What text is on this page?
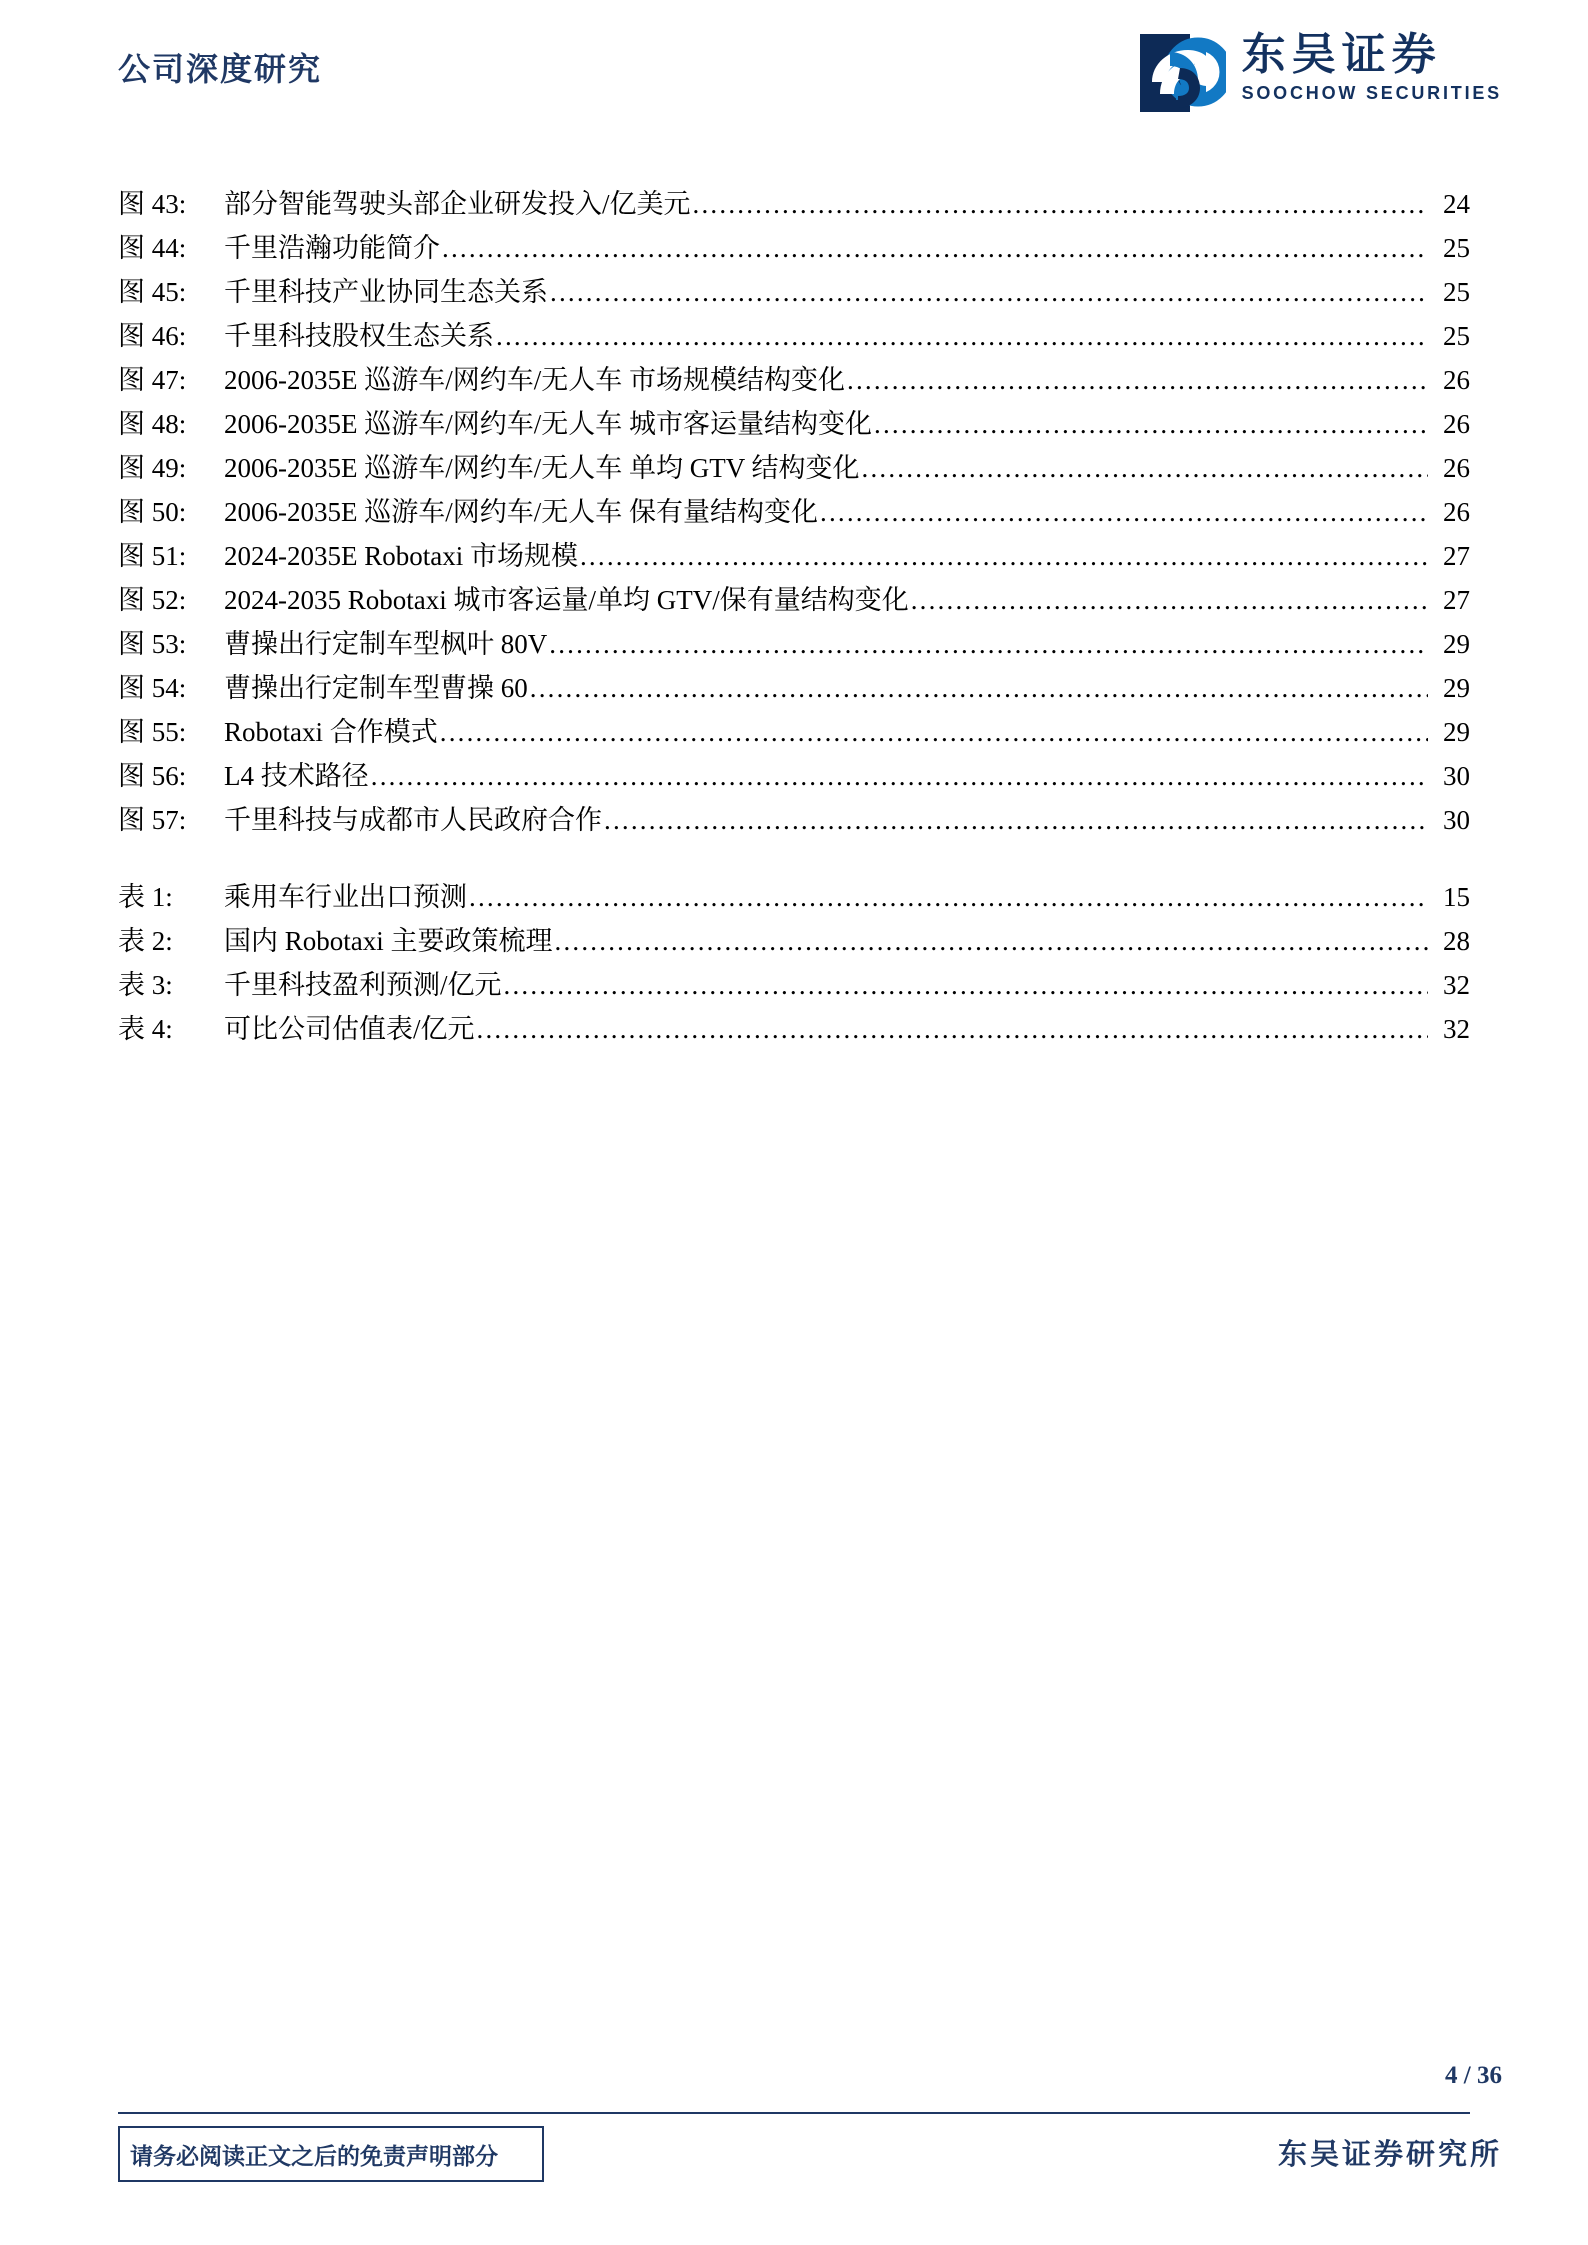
公司深度研究	东吴证券
SOOCHOW SECURITIES
图 43:	部分智能驾驶头部企业研发投入/亿美元 .....	24
图 44:	千里浩瀚功能简介 .....	25
图 45:	千里科技产业协同生态关系 .....	25
图 46:	千里科技股权生态关系 .....	25
图 47:	2006-2035E 巡游车/网约车/无人车 市场规模结构变化 .....	26
图 48:	2006-2035E 巡游车/网约车/无人车 城市客运量结构变化 .....	26
图 49:	2006-2035E 巡游车/网约车/无人车 单均 GTV 结构变化 .....	26
图 50:	2006-2035E 巡游车/网约车/无人车 保有量结构变化 .....	26
图 51:	2024-2035E Robotaxi 市场规模 .....	27
图 52:	2024-2035 Robotaxi 城市客运量/单均 GTV/保有量结构变化 .....	27
图 53:	曹操出行定制车型枫叶 80V .....	29
图 54:	曹操出行定制车型曹操 60 .....	29
图 55:	Robotaxi 合作模式 .....	29
图 56:	L4 技术路径 .....	30
图 57:	千里科技与成都市人民政府合作 .....	30
表 1:	乘用车行业出口预测 .....	15
表 2:	国内 Robotaxi 主要政策梳理 .....	28
表 3:	千里科技盈利预测/亿元 .....	32
表 4:	可比公司估值表/亿元 .....	32
4 / 36
请务必阅读正文之后的免责声明部分	东吴证券研究所
